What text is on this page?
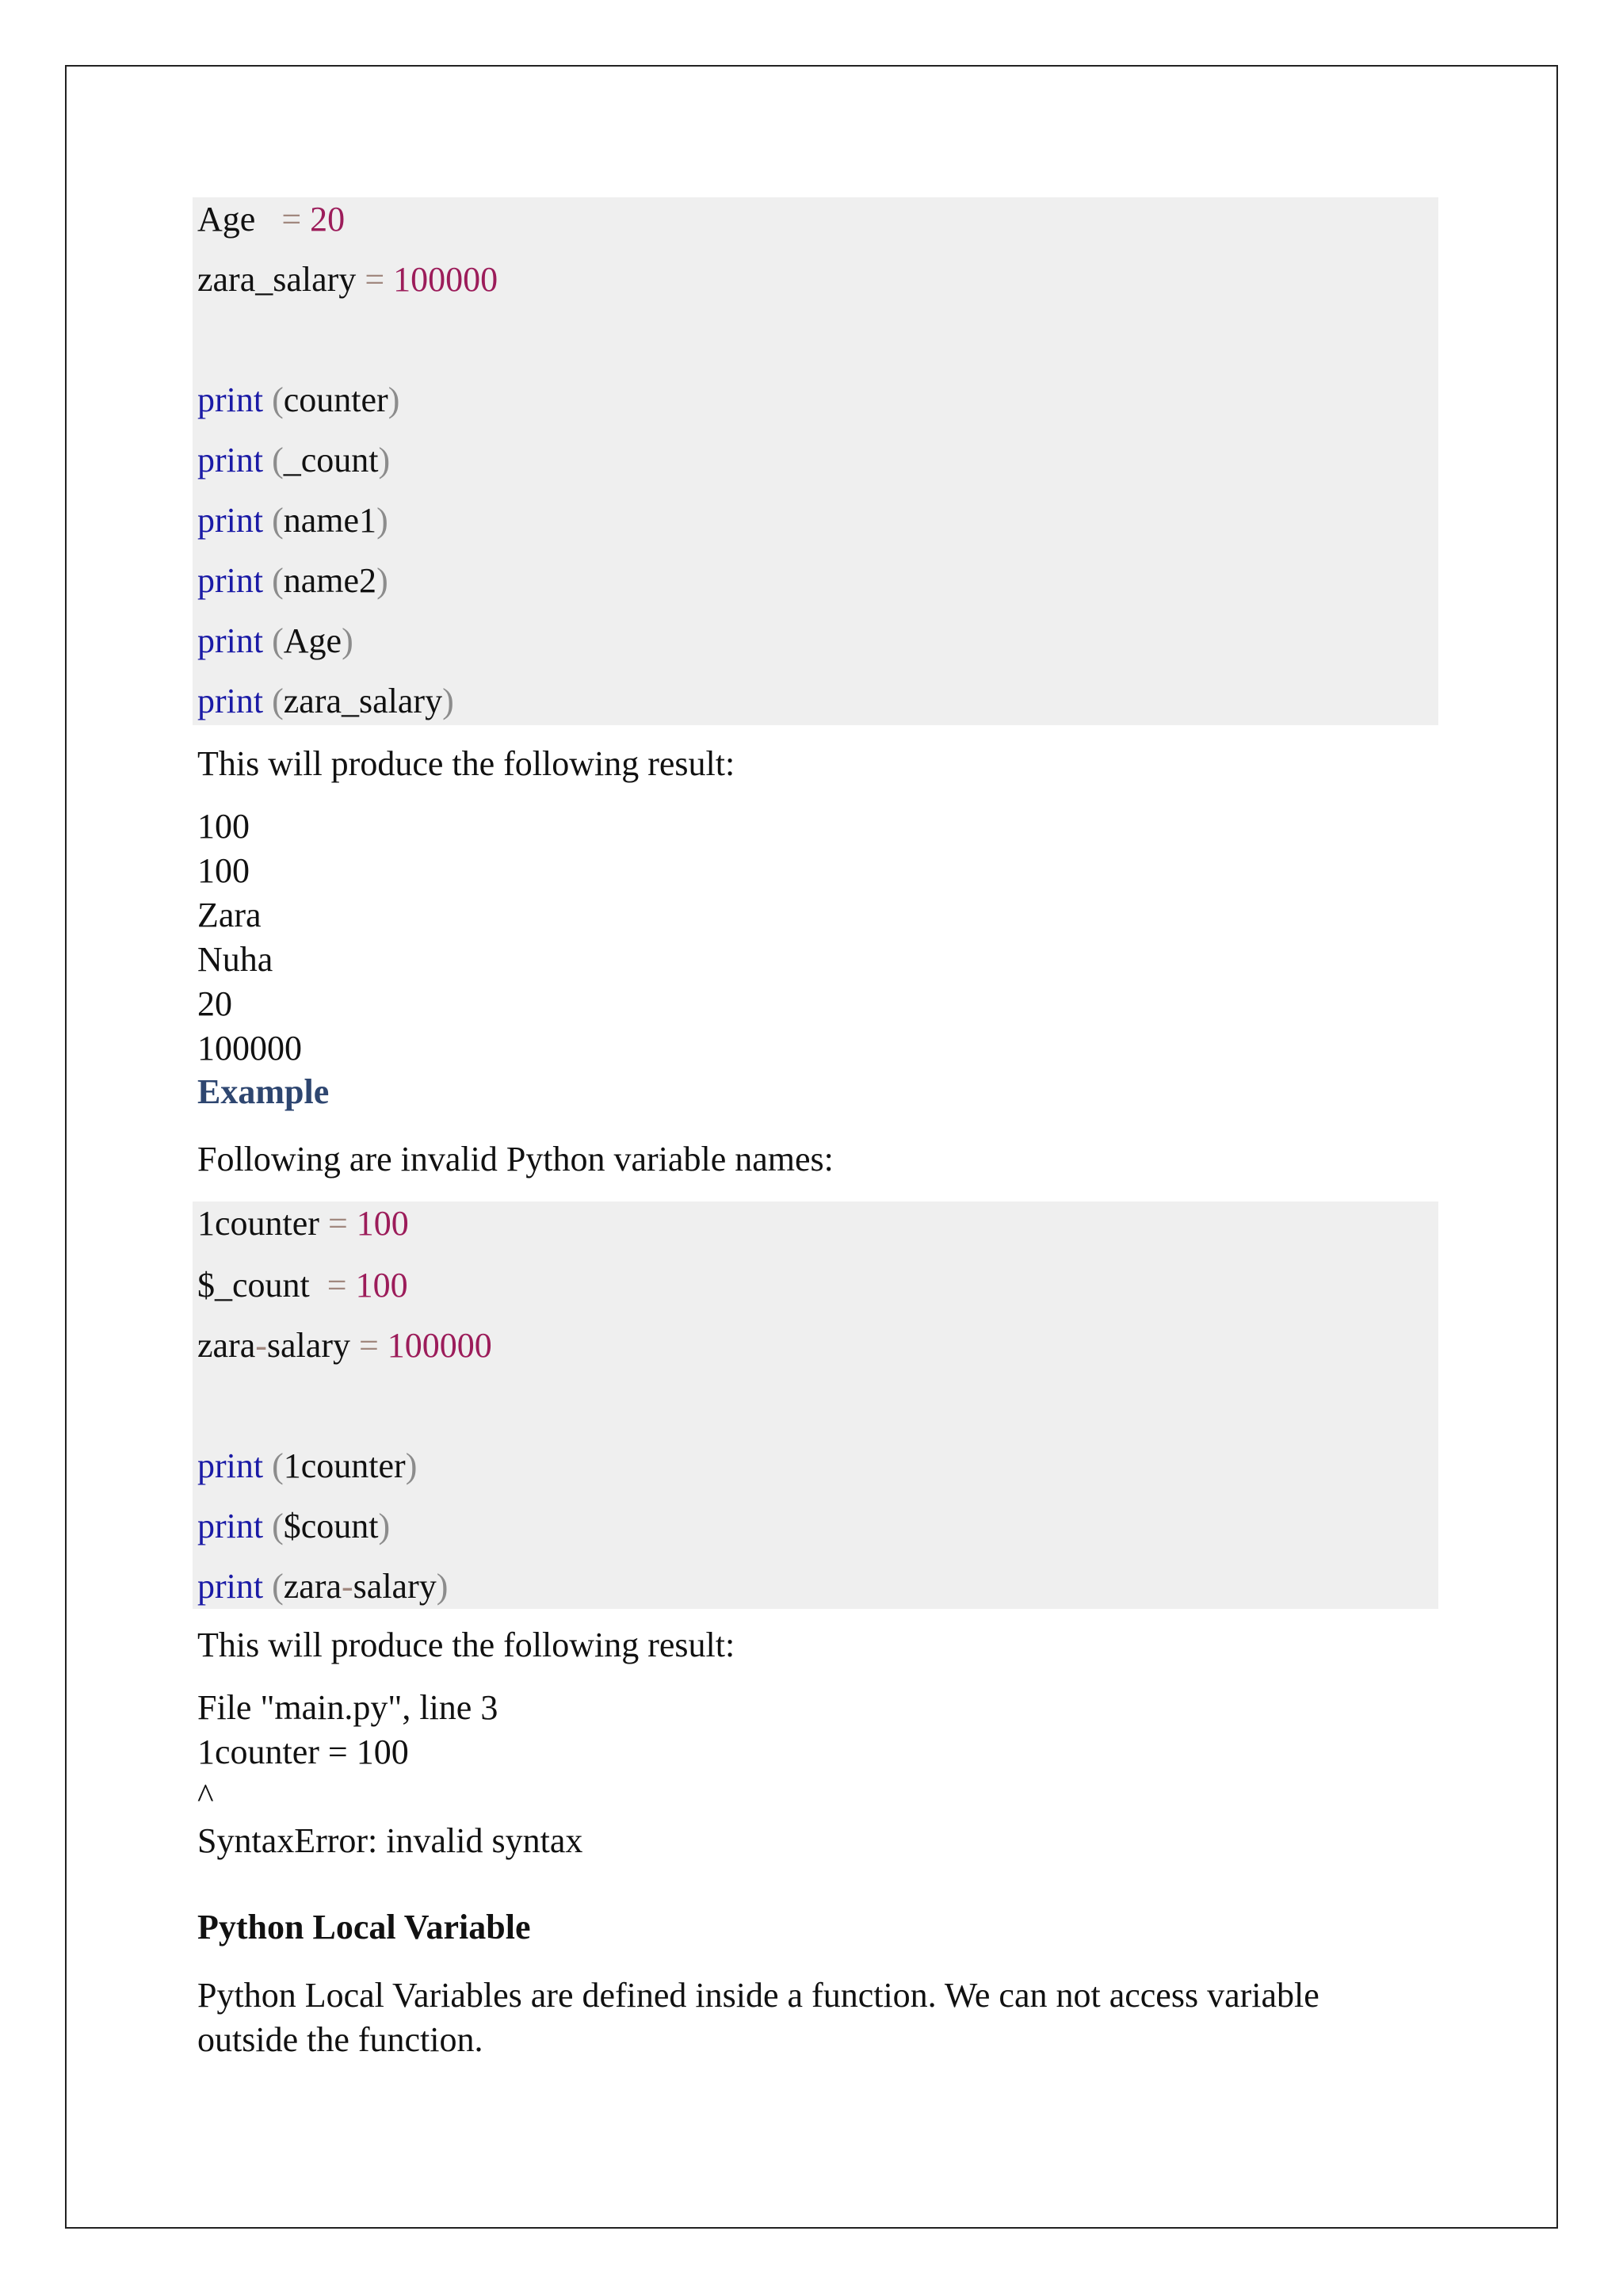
Age   = 20
zara_salary = 100000
print (counter)
print (_count)
print (name1)
print (name2)
print (Age)
print (zara_salary)
This will produce the following result:
100
100
Zara
Nuha
20
100000
Example
Following are invalid Python variable names:
1counter = 100
$_count  = 100
zara-salary = 100000
print (1counter)
print ($count)
print (zara-salary)
This will produce the following result:
File "main.py", line 3
1counter = 100
^
SyntaxError: invalid syntax
Python Local Variable
Python Local Variables are defined inside a function. We can not access variable
outside the function.
